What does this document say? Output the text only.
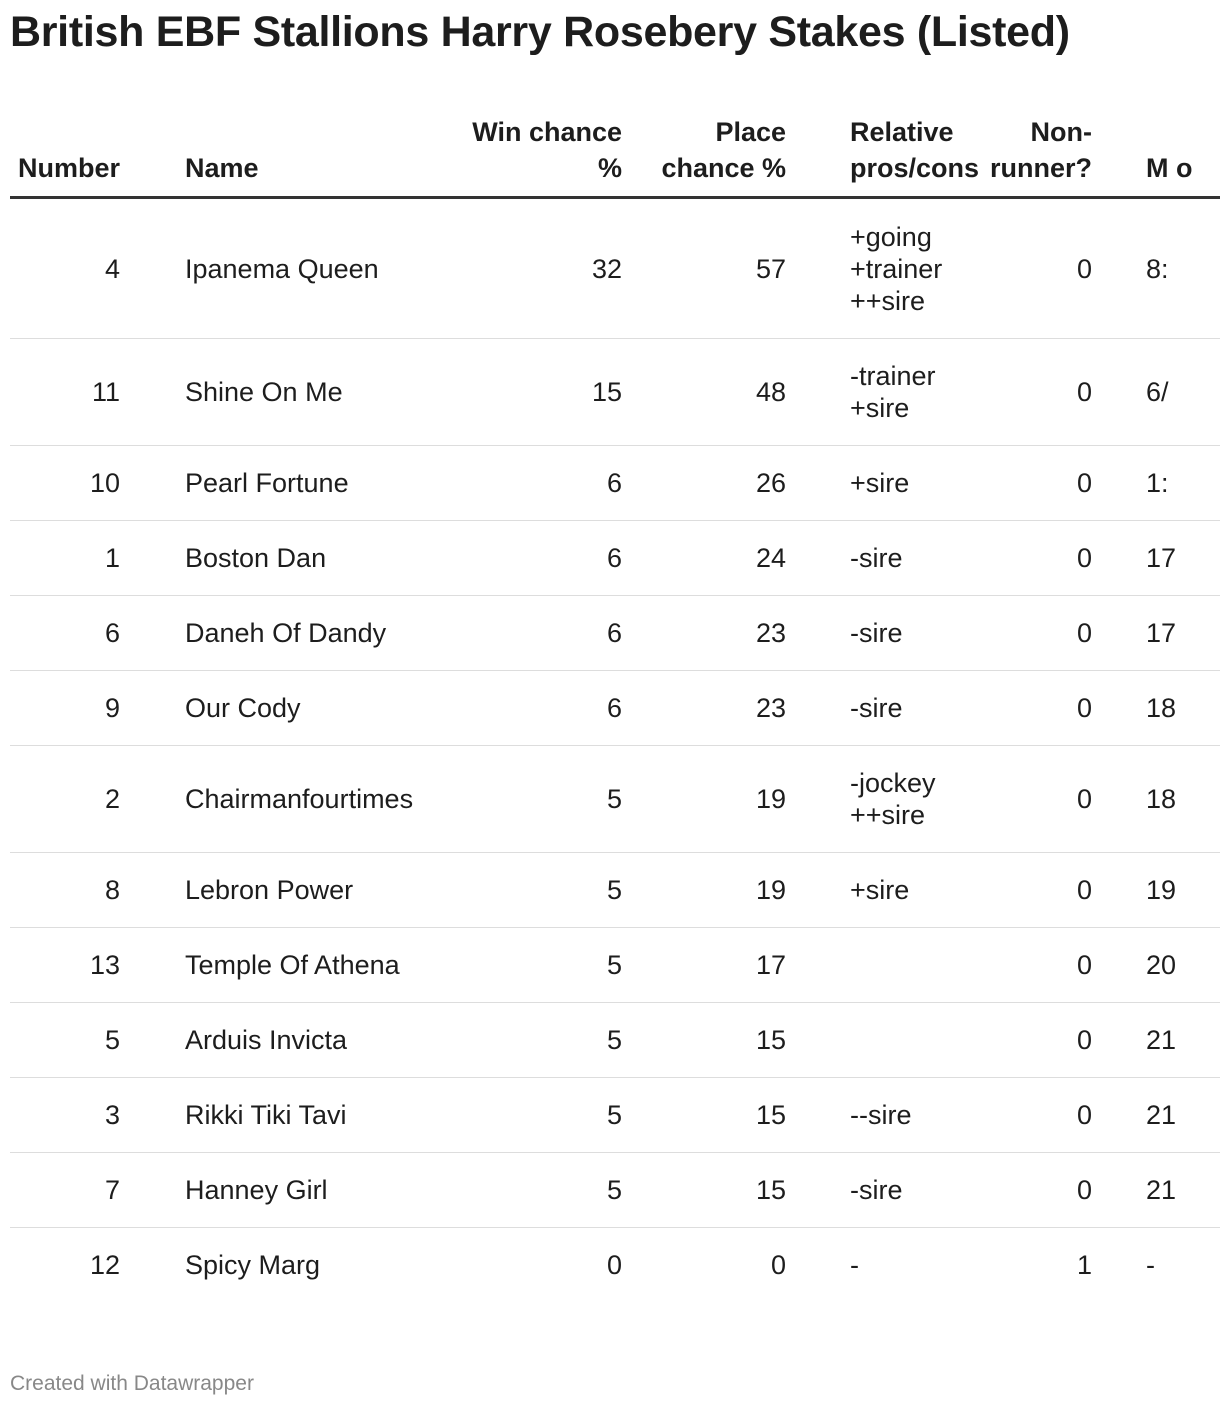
British EBF Stallions Harry Rosebery Stakes (Listed)
Number	Name	Win chance %	Place chance %	Relative pros/cons	Non-runner?	M o
4	Ipanema Queen	32	57	+going
+trainer
++sire	0	8:
11	Shine On Me	15	48	-trainer
+sire	0	6/
10	Pearl Fortune	6	26	+sire	0	1:
1	Boston Dan	6	24	-sire	0	17
6	Daneh Of Dandy	6	23	-sire	0	17
9	Our Cody	6	23	-sire	0	18
2	Chairmanfourtimes	5	19	-jockey
++sire	0	18
8	Lebron Power	5	19	+sire	0	19
13	Temple Of Athena	5	17		0	20
5	Arduis Invicta	5	15		0	21
3	Rikki Tiki Tavi	5	15	--sire	0	21
7	Hanney Girl	5	15	-sire	0	21
12	Spicy Marg	0	0	-	1	-
Created with Datawrapper
